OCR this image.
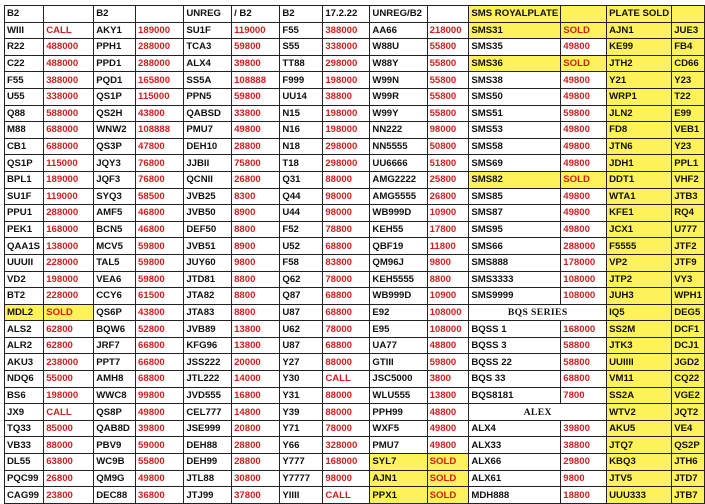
B2		B2		UNREG	/ B2	B2	17.2.22	UNREG/B2		SMS ROYALPLATE		PLATE SOLD	
WIII	CALL	AKY1	189000	SU1F	119000	F55	388000	AA66	218000	SMS31	SOLD	AJN1	JUE3
R22	488000	PPH1	288000	TCA3	59800	S55	338000	W88U	55800	SMS35	49800	KE99	FB4
C22	488000	PPD1	288000	ALX4	39800	TT88	298000	W88Y	55800	SMS36	SOLD	JTH2	CD66
F55	388000	PQD1	165800	SS5A	108888	F999	198000	W99N	55800	SMS38	49800	Y21	Y23
U55	338000	QS1P	115000	PPN5	59800	UU14	38800	W99R	55800	SMS50	49800	WRP1	T22
Q88	588000	QS2H	43800	QABSD	33800	N15	198000	W99Y	55800	SMS51	59800	JLN2	E99
M88	688000	WNW2	108888	PMU7	49800	N16	198000	NN222	98000	SMS53	49800	FD8	VEB1
CB1	688000	QS3P	47800	DEH10	28800	N18	298000	NN5555	50800	SMS58	49800	JTN6	Y23
QS1P	115000	JQY3	76800	JJBII	75800	T18	298000	UU6666	51800	SMS69	49800	JDH1	PPL1
BPL1	189000	JQF3	76800	QCNII	26800	Q31	88000	AMG2222	25800	SMS82	SOLD	DDT1	VHF2
SU1F	119000	SYQ3	58500	JVB25	8300	Q44	98000	AMG5555	26800	SMS85	49800	WTA1	JTB3
PPU1	288000	AMF5	46800	JVB50	8900	U44	98000	WB999D	10900	SMS87	49800	KFE1	RQ4
PEK1	168000	BCN5	46800	DEF50	8800	F52	78800	KEH55	17800	SMS95	49800	JCX1	U777
QAA1S	138000	MCV5	59800	JVB51	8900	U52	68800	QBF19	11800	SMS66	288000	F5555	JTF2
UUUII	228000	TAL5	59800	JUY60	9800	F58	83800	QM96J	9800	SMS888	178000	VP2	JTF9
VD2	198000	VEA6	59800	JTD81	8800	Q62	78000	KEH5555	8800	SMS3333	108000	JTP2	VY3
BT2	228000	CCY6	61500	JTA82	8800	Q87	68800	WB999D	10900	SMS9999	108000	JUH3	WPH1
MDL2	SOLD	QS6P	43800	JTA83	8800	U87	68800	E92	108000	BQS SERIES		IQ5	DEG5
ALS2	62800	BQW6	52800	JVB89	13800	U62	78000	E95	108000	BQSS 1	168000	SS2M	DCF1
ALR2	62800	JRF7	66800	KFG96	13800	U87	68800	UA77	48800	BQSS 3	58800	JTK3	DCJ1
AKU3	238000	PPT7	66800	JSS222	20000	Y27	88000	GTIII	59800	BQSS 22	58800	UUIIII	JGD2
NDQ6	55000	AMH8	68800	JTL222	14000	Y30	CALL	JSC5000	3800	BQS 33	68800	VM11	CQ22
BS6	198000	WWC8	99800	JVD555	16800	Y31	88000	WLU555	13800	BQS8181	7800	SS2A	VGE2
JX9	CALL	QS8P	49800	CEL777	14800	Y39	88000	PPH99	48800	ALEX		WTV2	JQT2
TQ33	85000	QAB8D	39800	JSE999	20800	Y71	78000	WXF5	49800	ALX4	39800	AKU5	VE4
VB33	88000	PBV9	59000	DEH88	28800	Y66	328000	PMU7	49800	ALX33	38800	JTQ7	QS2P
DL55	63800	WC9B	55800	DEH99	28800	Y777	168000	SYL7	SOLD	ALX66	29800	KBQ3	JTH6
PQC99	26800	QM9G	49800	JTL88	30800	Y7777	98000	AJN1	SOLD	ALX61	9800	JTV5	JTD7
CAG99	23800	DEC88	36800	JTJ99	37800	YIIII	CALL	PPX1	SOLD	MDH888	18800	UUU333	JTB7
